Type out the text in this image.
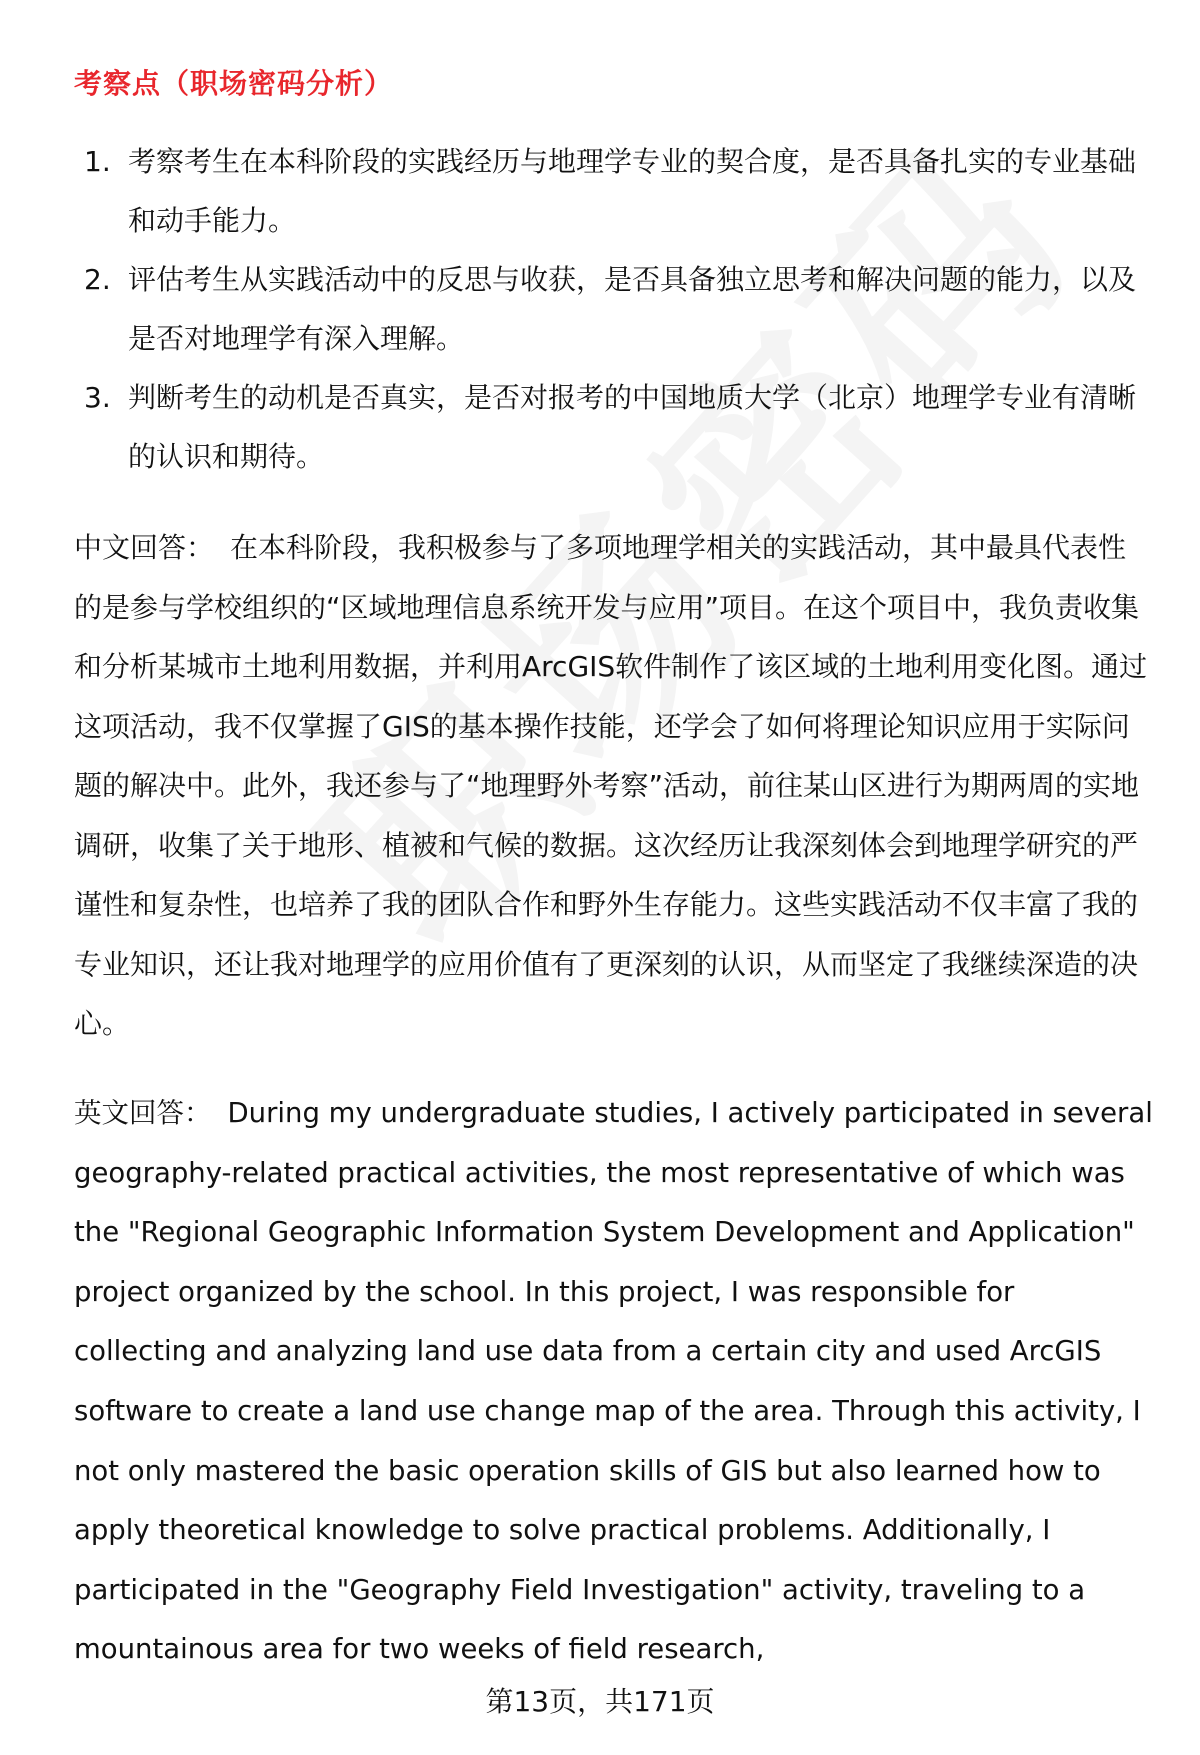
考察点（职场密码分析）
1. 考察考生在本科阶段的实践经历与地理学专业的契合度，是否具备扎实的专业基础和动手能力。
2. 评估考生从实践活动中的反思与收获，是否具备独立思考和解决问题的能力，以及是否对地理学有深入理解。
3. 判断考生的动机是否真实，是否对报考的中国地质大学（北京）地理学专业有清晰的认识和期待。

中文回答： 在本科阶段，我积极参与了多项地理学相关的实践活动，其中最具代表性的是参与学校组织的“区域地理信息系统开发与应用”项目。在这个项目中，我负责收集和分析某城市土地利用数据，并利用ArcGIS软件制作了该区域的土地利用变化图。通过这项活动，我不仅掌握了GIS的基本操作技能，还学会了如何将理论知识应用于实际问题的解决中。此外，我还参与了“地理野外考察”活动，前往某山区进行为期两周的实地调研，收集了关于地形、植被和气候的数据。这次经历让我深刻体会到地理学研究的严谨性和复杂性，也培养了我的团队合作和野外生存能力。这些实践活动不仅丰富了我的专业知识，还让我对地理学的应用价值有了更深刻的认识，从而坚定了我继续深造的决心。

英文回答： During my undergraduate studies, I actively participated in several geography-related practical activities, the most representative of which was the "Regional Geographic Information System Development and Application" project organized by the school. In this project, I was responsible for collecting and analyzing land use data from a certain city and used ArcGIS software to create a land use change map of the area. Through this activity, I not only mastered the basic operation skills of GIS but also learned how to apply theoretical knowledge to solve practical problems. Additionally, I participated in the "Geography Field Investigation" activity, traveling to a mountainous area for two weeks of field research,

第13页，共171页
